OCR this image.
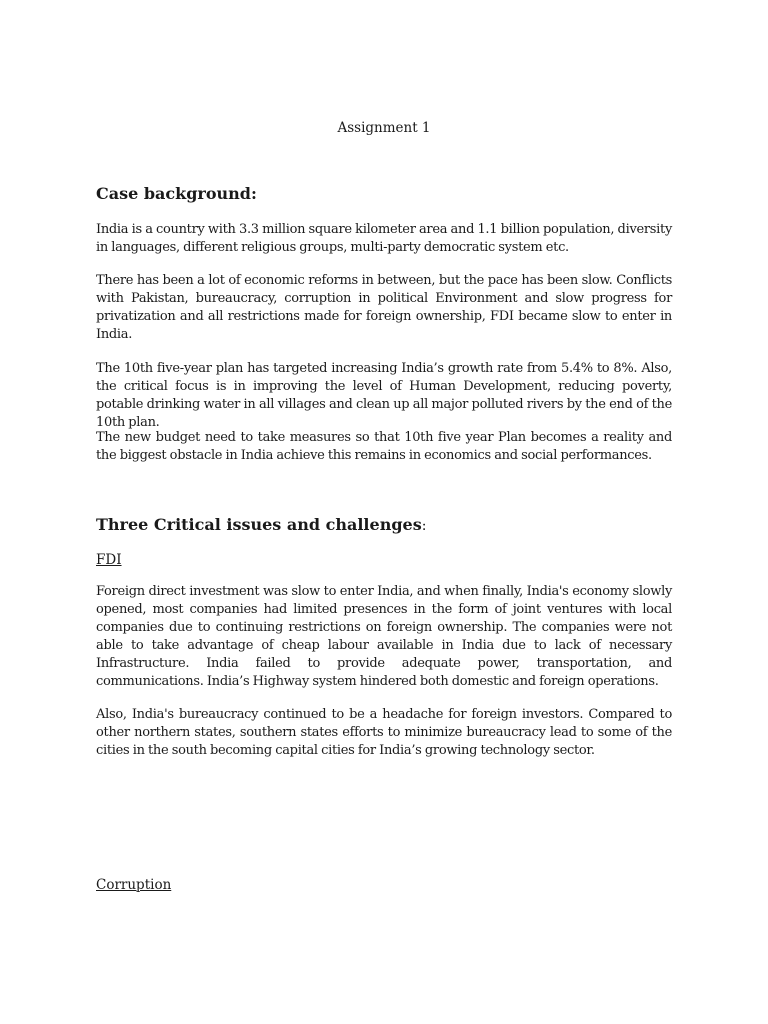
Assignment 1
Case background:

India is a country with 3.3 million square kilometer area and 1.1 billion population, diversity in languages, different religious groups, multi-party democratic system etc.

There has been a lot of economic reforms in between, but the pace has been slow. Conflicts with Pakistan, bureaucracy, corruption in political Environment and slow progress for privatization and all restrictions made for foreign ownership, FDI became slow to enter in India.

The 10th five-year plan has targeted increasing India’s growth rate from 5.4% to 8%. Also, the critical focus is in improving the level of Human Development, reducing poverty, potable drinking water in all villages and clean up all major polluted rivers by the end of the 10th plan.

The new budget need to take measures so that 10th five year Plan becomes a reality and the biggest obstacle in India achieve this remains in economics and social performances.

Three Critical issues and challenges:
FDI

Foreign direct investment was slow to enter India, and when finally, India's economy slowly opened, most companies had limited presences in the form of joint ventures with local companies due to continuing restrictions on foreign ownership. The companies were not able to take advantage of cheap labour available in India due to lack of necessary Infrastructure. India failed to provide adequate power, transportation, and communications. India’s Highway system hindered both domestic and foreign operations.

Also, India's bureaucracy continued to be a headache for foreign investors. Compared to other northern states, southern states efforts to minimize bureaucracy lead to some of the cities in the south becoming capital cities for India’s growing technology sector.

Corruption
